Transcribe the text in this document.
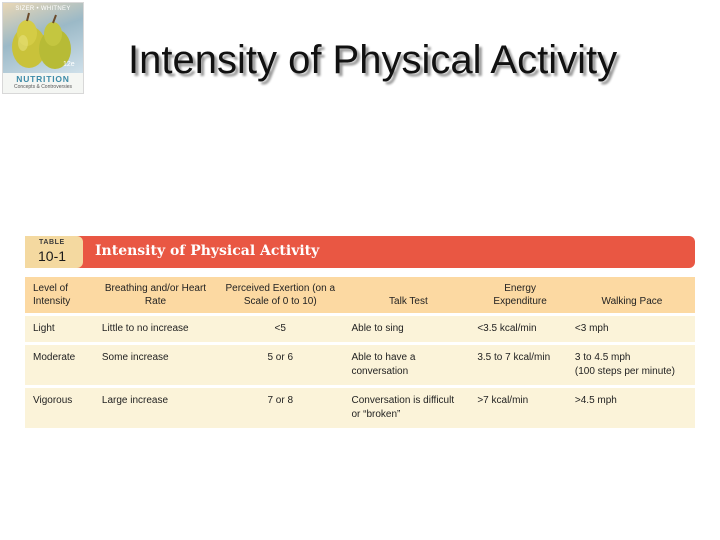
SIZER • WHITNEY
12e
NUTRITION
Concepts & Controversies
Intensity of Physical Activity
TABLE
10-1 Intensity of Physical Activity
Level of Intensity	Breathing and/or Heart Rate	Perceived Exertion (on a Scale of 0 to 10)	Talk Test	Energy Expenditure	Walking Pace
Light	Little to no increase	<5	Able to sing	<3.5 kcal/min	<3 mph

Moderate	Some increase	5 or 6	Able to have a conversation	3.5 to 7 kcal/min	3 to 4.5 mph
(100 steps per minute)

Vigorous	Large increase	7 or 8	Conversation is difficult or “broken”	>7 kcal/min	>4.5 mph
